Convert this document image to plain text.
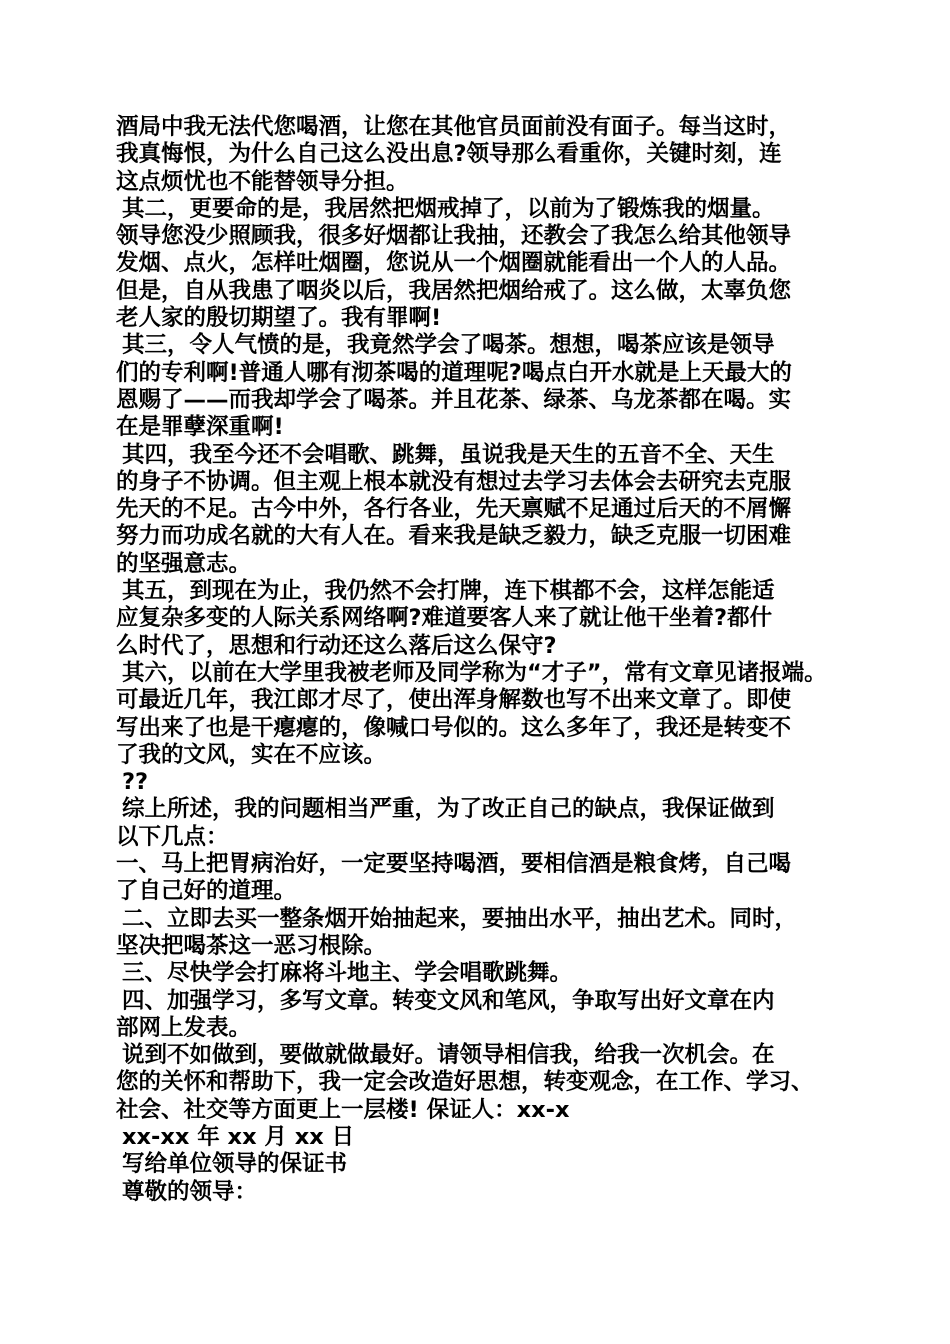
酒局中我无法代您喝酒，让您在其他官员面前没有面子。每当这时，
我真悔恨，为什么自己这么没出息?领导那么看重你，关键时刻，连
这点烦忧也不能替领导分担。
其二，更要命的是，我居然把烟戒掉了，以前为了锻炼我的烟量。
领导您没少照顾我，很多好烟都让我抽，还教会了我怎么给其他领导
发烟、点火，怎样吐烟圈，您说从一个烟圈就能看出一个人的人品。
但是，自从我患了咽炎以后，我居然把烟给戒了。这么做，太辜负您
老人家的殷切期望了。我有罪啊!
其三，令人气愤的是，我竟然学会了喝茶。想想，喝茶应该是领导
们的专利啊!普通人哪有沏茶喝的道理呢?喝点白开水就是上天最大的
恩赐了——而我却学会了喝茶。并且花茶、绿茶、乌龙茶都在喝。实
在是罪孽深重啊!
其四，我至今还不会唱歌、跳舞，虽说我是天生的五音不全、天生
的身子不协调。但主观上根本就没有想过去学习去体会去研究去克服
先天的不足。古今中外，各行各业，先天禀赋不足通过后天的不屑懈
努力而功成名就的大有人在。看来我是缺乏毅力，缺乏克服一切困难
的坚强意志。
其五，到现在为止，我仍然不会打牌，连下棋都不会，这样怎能适
应复杂多变的人际关系网络啊?难道要客人来了就让他干坐着?都什
么时代了，思想和行动还这么落后这么保守?
其六，以前在大学里我被老师及同学称为“才子”，常有文章见诸报端。
可最近几年，我江郎才尽了，使出浑身解数也写不出来文章了。即使
写出来了也是干瘪瘪的，像喊口号似的。这么多年了，我还是转变不
了我的文风，实在不应该。
??
综上所述，我的问题相当严重，为了改正自己的缺点，我保证做到
以下几点：
一、马上把胃病治好，一定要坚持喝酒，要相信酒是粮食烤，自己喝
了自己好的道理。
二、立即去买一整条烟开始抽起来，要抽出水平，抽出艺术。同时，
坚决把喝茶这一恶习根除。
三、尽快学会打麻将斗地主、学会唱歌跳舞。
四、加强学习，多写文章。转变文风和笔风，争取写出好文章在内
部网上发表。
说到不如做到，要做就做最好。请领导相信我，给我一次机会。在
您的关怀和帮助下，我一定会改造好思想，转变观念，在工作、学习、
社会、社交等方面更上一层楼! 保证人：xx-x
xx-xx 年 xx 月 xx 日
写给单位领导的保证书
尊敬的领导：
